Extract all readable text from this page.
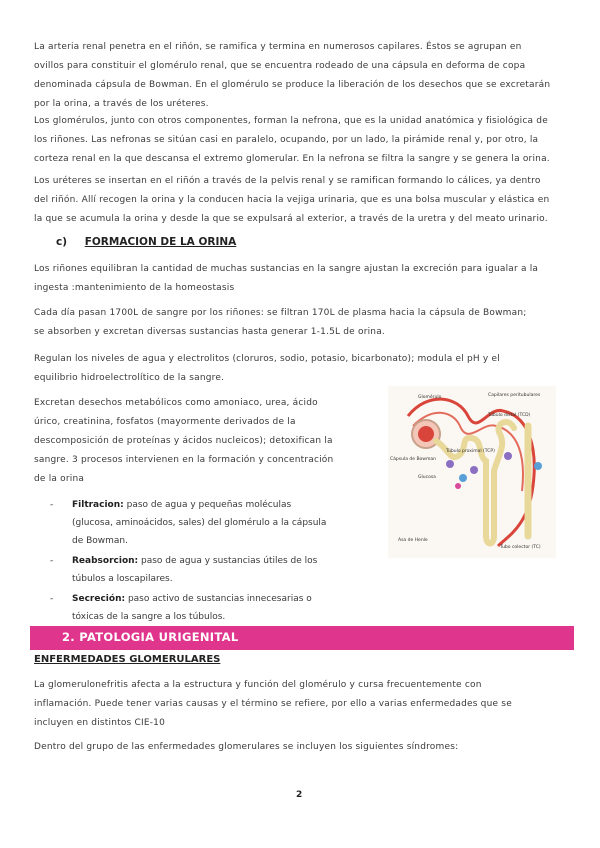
La arteria renal penetra en el riñón, se ramifica y termina en numerosos capilares. Éstos se agrupan en
ovillos para constituir el glomérulo renal, que se encuentra rodeado de una cápsula en deforma de copa
denominada cápsula de Bowman. En el glomérulo se produce la liberación de los desechos que se excretarán
por la orina, a través de los uréteres.
Los glomérulos, junto con otros componentes, forman la nefrona, que es la unidad anatómica y fisiológica de
los riñones. Las nefronas se sitúan casi en paralelo, ocupando, por un lado, la pirámide renal y, por otro, la
corteza renal en la que descansa el extremo glomerular. En la nefrona se filtra la sangre y se genera la orina.
Los uréteres se insertan en el riñón a través de la pelvis renal y se ramifican formando lo cálices, ya dentro
del riñón. Allí recogen la orina y la conducen hacia la vejiga urinaria, que es una bolsa muscular y elástica en
la que se acumula la orina y desde la que se expulsará al exterior, a través de la uretra y del meato urinario.
c) FORMACION DE LA ORINA
Los riñones equilibran la cantidad de muchas sustancias en la sangre ajustan la excreción para igualar a la
ingesta :mantenimiento de la homeostasis
Cada día pasan 1700L de sangre por los riñones: se filtran 170L de plasma hacia la cápsula de Bowman;
se absorben y excretan diversas sustancias hasta generar 1-1.5L de orina.
Regulan los niveles de agua y electrolitos (cloruros, sodio, potasio, bicarbonato); modula el pH y el
equilibrio hidroelectrolítico de la sangre.
Excretan desechos metabólicos como amoniaco, urea, ácido
úrico, creatinina, fosfatos (mayormente derivados de la
descomposición de proteínas y ácidos nucleicos); detoxifican la
sangre. 3 procesos intervienen en la formación y concentración
de la orina
- Filtracion: paso de agua y pequeñas moléculas
(glucosa, aminoácidos, sales) del glomérulo a la cápsula
de Bowman.
- Reabsorcion: paso de agua y sustancias útiles de los
túbulos a loscapilares.
- Secreción: paso activo de sustancias innecesarias o
tóxicas de la sangre a los túbulos.
Glomérulo	Capilares peritubulares
Túbulo distal (TCD)
Cápsula de Bowman
Túbulo proximal (TCP)
Glucosa
Asa de Henle
Tubo colector (TC)
2. PATOLOGIA URIGENITAL
ENFERMEDADES GLOMERULARES
La glomerulonefritis afecta a la estructura y función del glomérulo y cursa frecuentemente con
inflamación. Puede tener varias causas y el término se refiere, por ello a varias enfermedades que se
incluyen en distintos CIE-10
Dentro del grupo de las enfermedades glomerulares se incluyen los siguientes síndromes:
2
